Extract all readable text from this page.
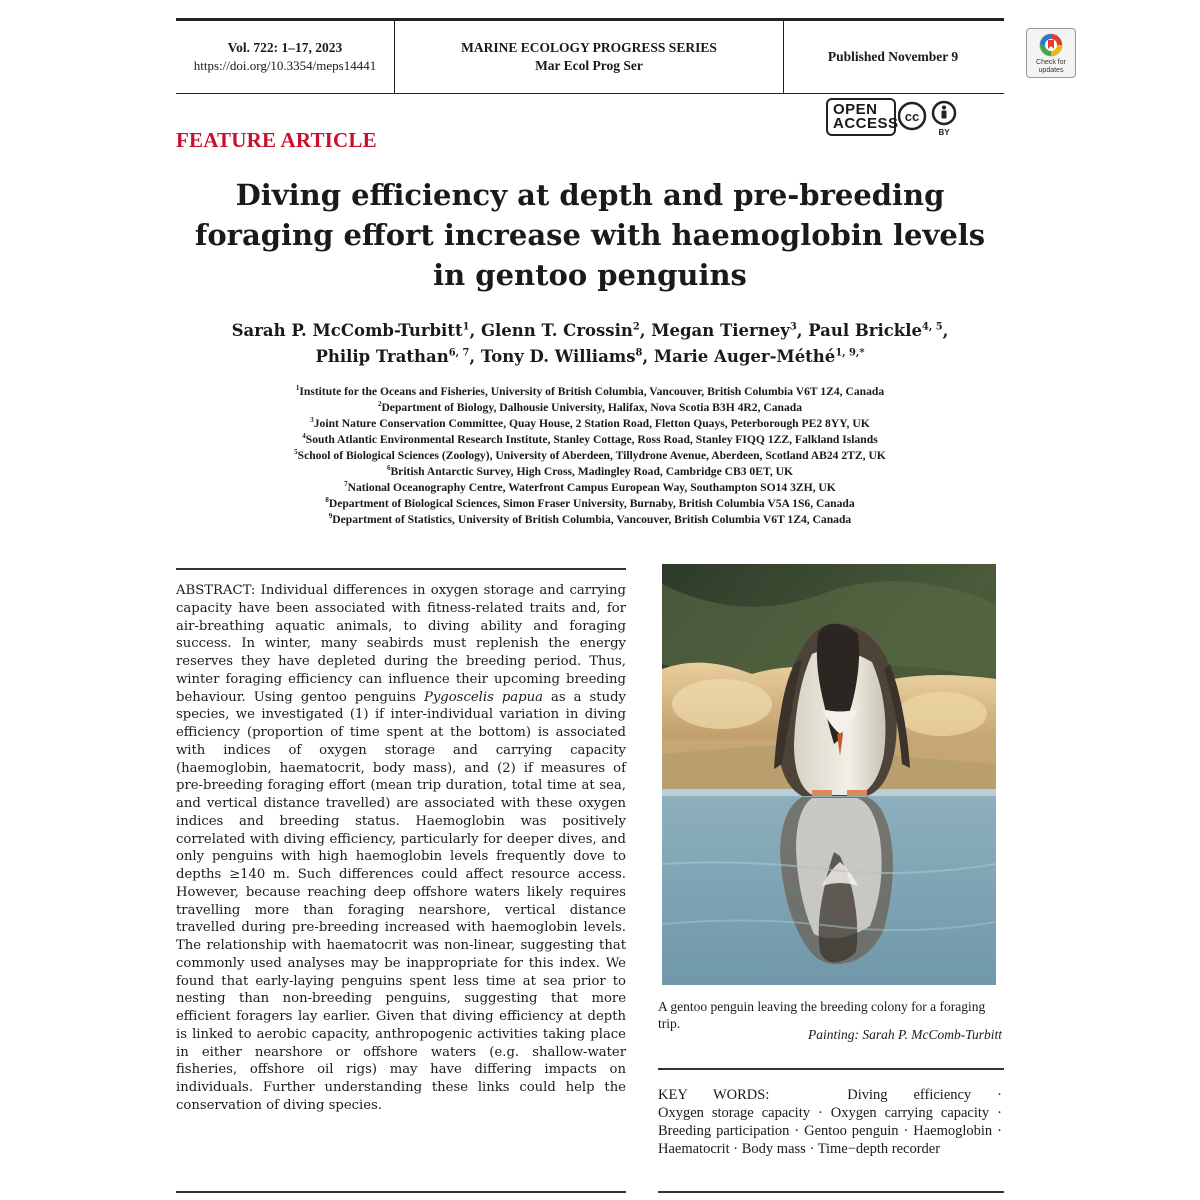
Vol. 722: 1–17, 2023
https://doi.org/10.3354/meps14441
MARINE ECOLOGY PROGRESS SERIES
Mar Ecol Prog Ser
Published November 9	Check for updates
FEATURE ARTICLE
OPEN
ACCESS cc
BY
Diving efficiency at depth and pre-breeding
foraging effort increase with haemoglobin levels
in gentoo penguins
Sarah P. McComb-Turbitt$^1$, Glenn T. Crossin$^2$, Megan Tierney$^3$, Paul Brickle$^{4, 5}$,
Philip Trathan$^{6, 7}$, Tony D. Williams$^8$, Marie Auger-Méthé$^{1, 9,*}$
$^1$Institute for the Oceans and Fisheries, University of British Columbia, Vancouver, British Columbia V6T 1Z4, Canada
$^2$Department of Biology, Dalhousie University, Halifax, Nova Scotia B3H 4R2, Canada
$^3$Joint Nature Conservation Committee, Quay House, 2 Station Road, Fletton Quays, Peterborough PE2 8YY, UK
$^4$South Atlantic Environmental Research Institute, Stanley Cottage, Ross Road, Stanley FIQQ 1ZZ, Falkland Islands
$^5$School of Biological Sciences (Zoology), University of Aberdeen, Tillydrone Avenue, Aberdeen, Scotland AB24 2TZ, UK
$^6$British Antarctic Survey, High Cross, Madingley Road, Cambridge CB3 0ET, UK
$^7$National Oceanography Centre, Waterfront Campus European Way, Southampton SO14 3ZH, UK
$^8$Department of Biological Sciences, Simon Fraser University, Burnaby, British Columbia V5A 1S6, Canada
$^9$Department of Statistics, University of British Columbia, Vancouver, British Columbia V6T 1Z4, Canada

ABSTRACT: Individual differences in oxygen storage and carrying capacity have been associated with fitness-related traits and, for air-breathing aquatic animals, to diving ability and foraging success. In winter, many seabirds must replenish the energy reserves they have depleted during the breeding period. Thus, winter foraging efficiency can influence their upcoming breeding behaviour. Using gentoo penguins Pygoscelis papua as a study species, we investigated (1) if inter-individual variation in diving efficiency (proportion of time spent at the bottom) is associated with indices of oxygen storage and carrying capacity (haemoglobin, haematocrit, body mass), and (2) if measures of pre-breeding foraging effort (mean trip duration, total time at sea, and vertical distance travelled) are associated with these oxygen indices and breeding status. Haemoglobin was positively correlated with diving efficiency, particularly for deeper dives, and only penguins with high haemoglobin levels frequently dove to depths ≥140 m. Such differences could affect resource access. However, because reaching deep offshore waters likely requires travelling more than foraging nearshore, vertical distance travelled during pre-breeding increased with haemoglobin levels. The relationship with haematocrit was non-linear, suggesting that commonly used analyses may be inappropriate for this index. We found that early-laying penguins spent less time at sea prior to nesting than non-breeding penguins, suggesting that more efficient foragers lay earlier. Given that diving efficiency at depth is linked to aerobic capacity, anthropogenic activities taking place in either nearshore or offshore waters (e.g. shallow-water fisheries, offshore oil rigs) may have differing impacts on individuals. Further understanding these links could help the conservation of diving species.

A gentoo penguin leaving the breeding colony for a foraging trip.
Painting: Sarah P. McComb-Turbitt
KEY WORDS:	Diving efficiency · Oxygen storage capacity · Oxygen carrying capacity · Breeding participation · Gentoo penguin · Haemoglobin · Haematocrit · Body mass · Time−depth recorder
